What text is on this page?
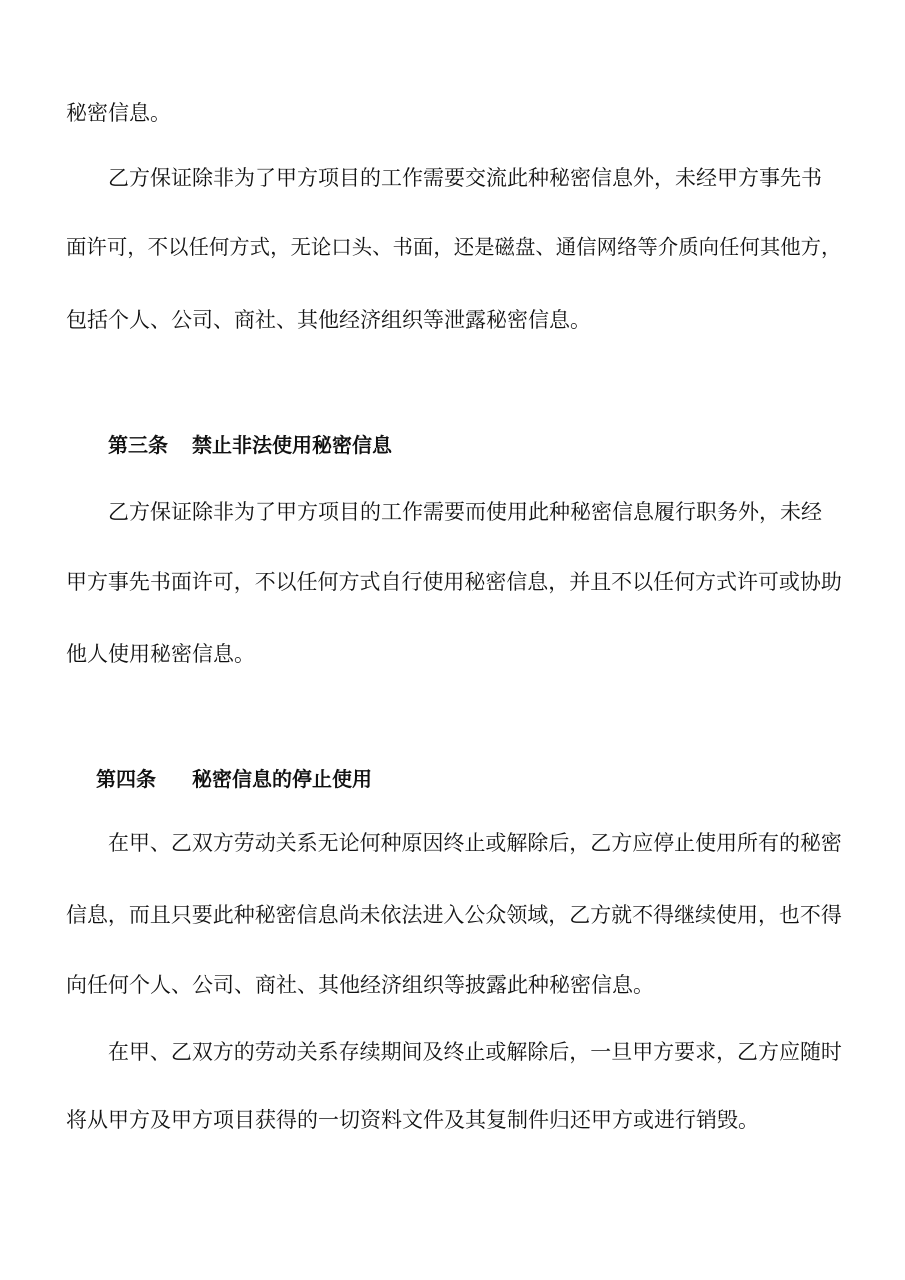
秘密信息。

乙方保证除非为了甲方项目的工作需要交流此种秘密信息外，未经甲方事先书

面许可，不以任何方式，无论口头、书面，还是磁盘、通信网络等介质向任何其他方，

包括个人、公司、商社、其他经济组织等泄露秘密信息。

第三条 禁止非法使用秘密信息

乙方保证除非为了甲方项目的工作需要而使用此种秘密信息履行职务外，未经

甲方事先书面许可，不以任何方式自行使用秘密信息，并且不以任何方式许可或协助

他人使用秘密信息。

第四条 秘密信息的停止使用

在甲、乙双方劳动关系无论何种原因终止或解除后，乙方应停止使用所有的秘密

信息，而且只要此种秘密信息尚未依法进入公众领域，乙方就不得继续使用，也不得

向任何个人、公司、商社、其他经济组织等披露此种秘密信息。

在甲、乙双方的劳动关系存续期间及终止或解除后，一旦甲方要求，乙方应随时

将从甲方及甲方项目获得的一切资料文件及其复制件归还甲方或进行销毁。
